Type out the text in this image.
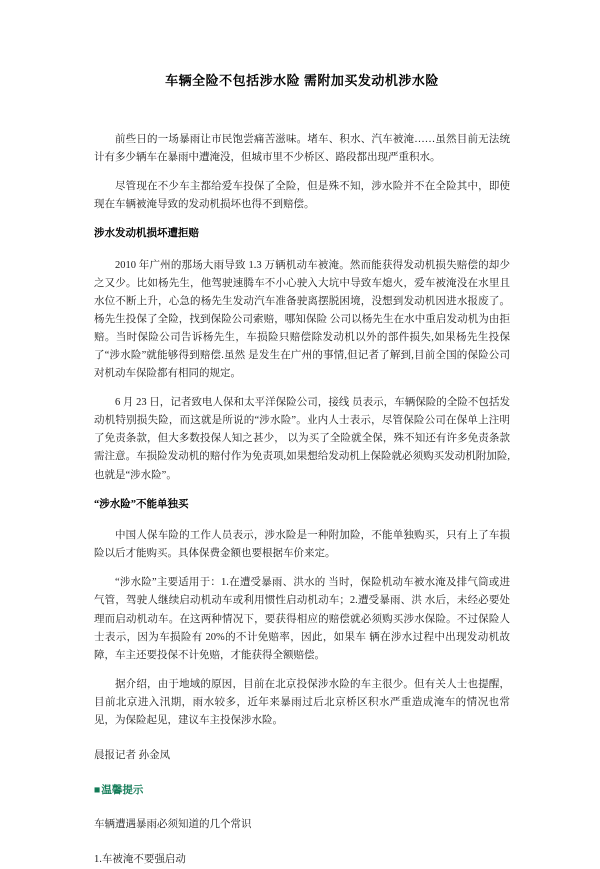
车辆全险不包括涉水险 需附加买发动机涉水险

前些日的一场暴雨让市民饱尝痛苦滋味。堵车、积水、汽车被淹……虽然目前无法统计有多少辆车在暴雨中遭淹没，但城市里不少桥区、路段都出现严重积水。

尽管现在不少车主都给爱车投保了全险，但是殊不知，涉水险并不在全险其中，即使现在车辆被淹导致的发动机损坏也得不到赔偿。

涉水发动机损坏遭拒赔

2010 年广州的那场大雨导致 1.3 万辆机动车被淹。然而能获得发动机损失赔偿的却少之又少。比如杨先生，他驾驶速腾车不小心驶入大坑中导致车熄火，爱车被淹没在水里且水位不断上升，心急的杨先生发动汽车准备驶离摆脱困境，没想到发动机因进水报废了。杨先生投保了全险，找到保险公司索赔，哪知保险 公司以杨先生在水中重启发动机为由拒赔。当时保险公司告诉杨先生，车损险只赔偿除发动机以外的部件损失,如果杨先生投保了“涉水险”就能够得到赔偿.虽然 是发生在广州的事情,但记者了解到,目前全国的保险公司对机动车保险都有相同的规定。

6 月 23 日，记者致电人保和太平洋保险公司，接线 员表示，车辆保险的全险不包括发动机特别损失险，而这就是所说的“涉水险”。业内人士表示，尽管保险公司在保单上注明了免责条款，但大多数投保人知之甚少， 以为买了全险就全保，殊不知还有许多免责条款需注意。车损险发动机的赔付作为免责项,如果想给发动机上保险就必须购买发动机附加险,也就是“涉水险”。

“涉水险”不能单独买

中国人保车险的工作人员表示，涉水险是一种附加险，不能单独购买，只有上了车损险以后才能购买。具体保费金额也要根据车价来定。

“涉水险”主要适用于：1.在遭受暴雨、洪水的 当时，保险机动车被水淹及排气筒或进气管，驾驶人继续启动机动车或利用惯性启动机动车；2.遭受暴雨、洪 水后，未经必要处理而启动机动车。在这两种情况下，要获得相应的赔偿就必须购买涉水保险。不过保险人士表示，因为车损险有 20%的不计免赔率，因此，如果车 辆在涉水过程中出现发动机故障，车主还要投保不计免赔，才能获得全额赔偿。

据介绍，由于地域的原因，目前在北京投保涉水险的车主很少。但有关人士也提醒，目前北京进入汛期，雨水较多，近年来暴雨过后北京桥区积水严重造成淹车的情况也常见，为保险起见，建议车主投保涉水险。

晨报记者 孙金凤

■温馨提示

车辆遭遇暴雨必须知道的几个常识

1.车被淹不要强启动
